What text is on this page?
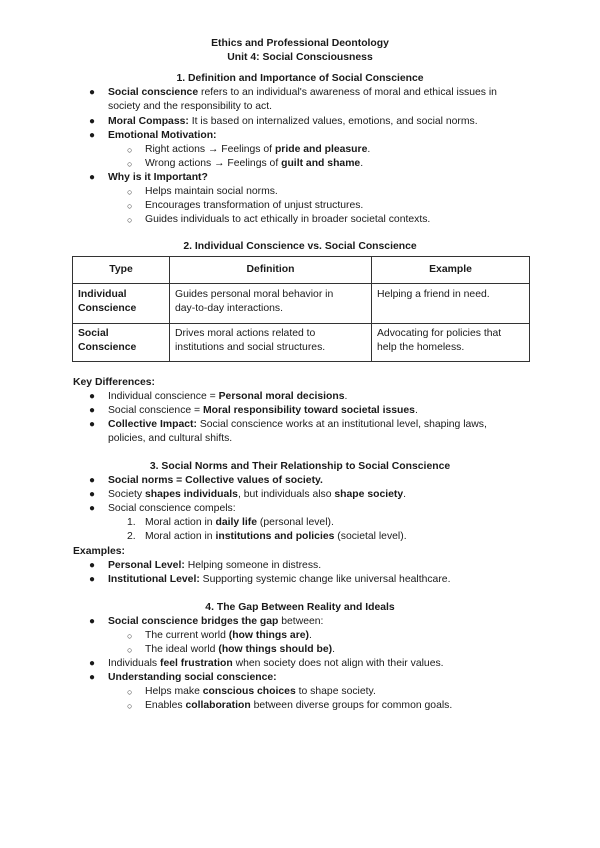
Ethics and Professional Deontology
Unit 4: Social Consciousness
1. Definition and Importance of Social Conscience
● Social conscience refers to an individual's awareness of moral and ethical issues in
society and the responsibility to act.
● Moral Compass: It is based on internalized values, emotions, and social norms.
● Emotional Motivation:
○ Right actions → Feelings of pride and pleasure.
○ Wrong actions → Feelings of guilt and shame.
● Why is it Important?
○ Helps maintain social norms.
○ Encourages transformation of unjust structures.
○ Guides individuals to act ethically in broader societal contexts.
2. Individual Conscience vs. Social Conscience
Type	Definition	Example
Individual
Conscience
Guides personal moral behavior in
day-to-day interactions.
Helping a friend in need.
Social
Conscience
Drives moral actions related to
institutions and social structures.
Advocating for policies that
help the homeless.
Key Differences:
● Individual conscience = Personal moral decisions.
● Social conscience = Moral responsibility toward societal issues.
● Collective Impact: Social conscience works at an institutional level, shaping laws,
policies, and cultural shifts.
3. Social Norms and Their Relationship to Social Conscience
● Social norms = Collective values of society.
● Society shapes individuals, but individuals also shape society.
● Social conscience compels:
1. Moral action in daily life (personal level).
2. Moral action in institutions and policies (societal level).
Examples:
● Personal Level: Helping someone in distress.
● Institutional Level: Supporting systemic change like universal healthcare.
4. The Gap Between Reality and Ideals
● Social conscience bridges the gap between:
○ The current world (how things are).
○ The ideal world (how things should be).
● Individuals feel frustration when society does not align with their values.
● Understanding social conscience:
○ Helps make conscious choices to shape society.
○ Enables collaboration between diverse groups for common goals.
